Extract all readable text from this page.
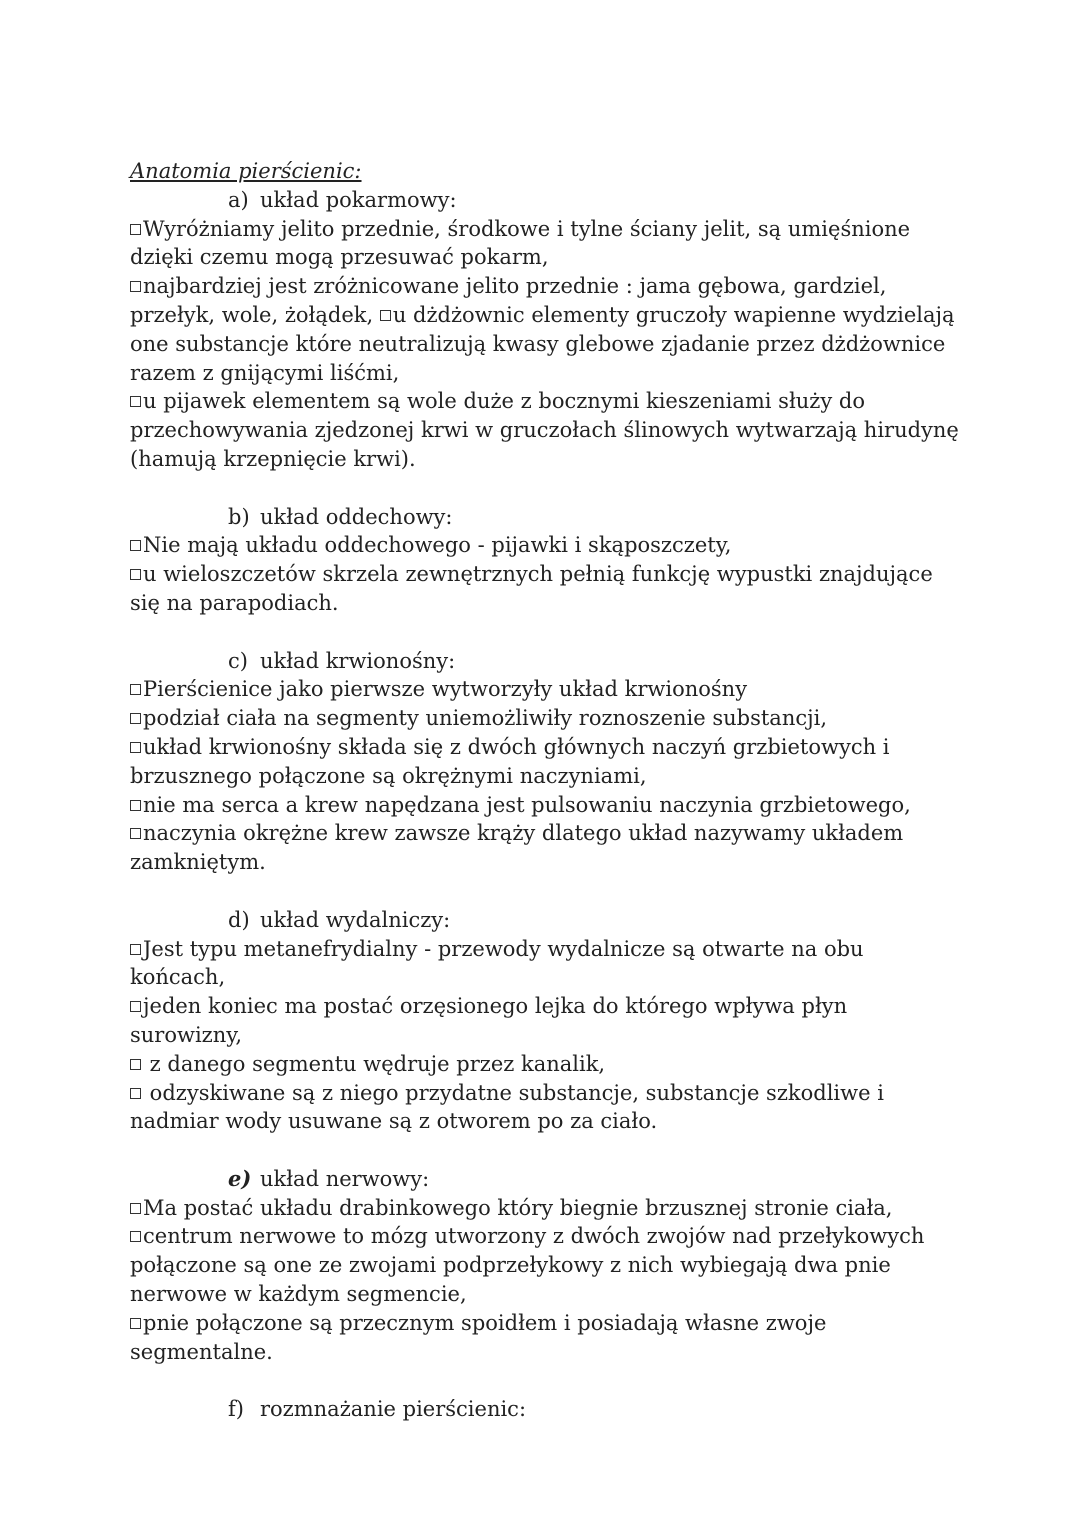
Anatomia pierścienic:
a) układ pokarmowy:

Wyróżniamy jelito przednie, środkowe i tylne ściany jelit, są umięśnione dzięki czemu mogą przesuwać pokarm,

najbardziej jest zróżnicowane jelito przednie : jama gębowa, gardziel, przełyk, wole, żołądek, u dżdżownic elementy gruczoły wapienne wydzielają one substancje które neutralizują kwasy glebowe zjadanie przez dżdżownice razem z gnijącymi liśćmi,

u pijawek elementem są wole duże z bocznymi kieszeniami służy do przechowywania zjedzonej krwi w gruczołach ślinowych wytwarzają hirudynę (hamują krzepnięcie krwi).

b) układ oddechowy:

Nie mają układu oddechowego - pijawki i skąposzczety,

u wieloszczetów skrzela zewnętrznych pełnią funkcję wypustki znajdujące się na parapodiach.

c) układ krwionośny:

Pierścienice jako pierwsze wytworzyły układ krwionośny

podział ciała na segmenty uniemożliwiły roznoszenie substancji,

układ krwionośny składa się z dwóch głównych naczyń grzbietowych i brzusznego połączone są okrężnymi naczyniami,

nie ma serca a krew napędzana jest pulsowaniu naczynia grzbietowego,

naczynia okrężne krew zawsze krąży dlatego układ nazywamy układem zamkniętym.

d) układ wydalniczy:

Jest typu metanefrydialny - przewody wydalnicze są otwarte na obu końcach,

jeden koniec ma postać orzęsionego lejka do którego wpływa płyn surowizny,

z danego segmentu wędruje przez kanalik,

odzyskiwane są z niego przydatne substancje, substancje szkodliwe i nadmiar wody usuwane są z otworem po za ciało.

e) układ nerwowy:

Ma postać układu drabinkowego który biegnie brzusznej stronie ciała,

centrum nerwowe to mózg utworzony z dwóch zwojów nad przełykowych połączone są one ze zwojami podprzełykowy z nich wybiegają dwa pnie nerwowe w każdym segmencie,

pnie połączone są przecznym spoidłem i posiadają własne zwoje segmentalne.

f) rozmnażanie pierścienic:
